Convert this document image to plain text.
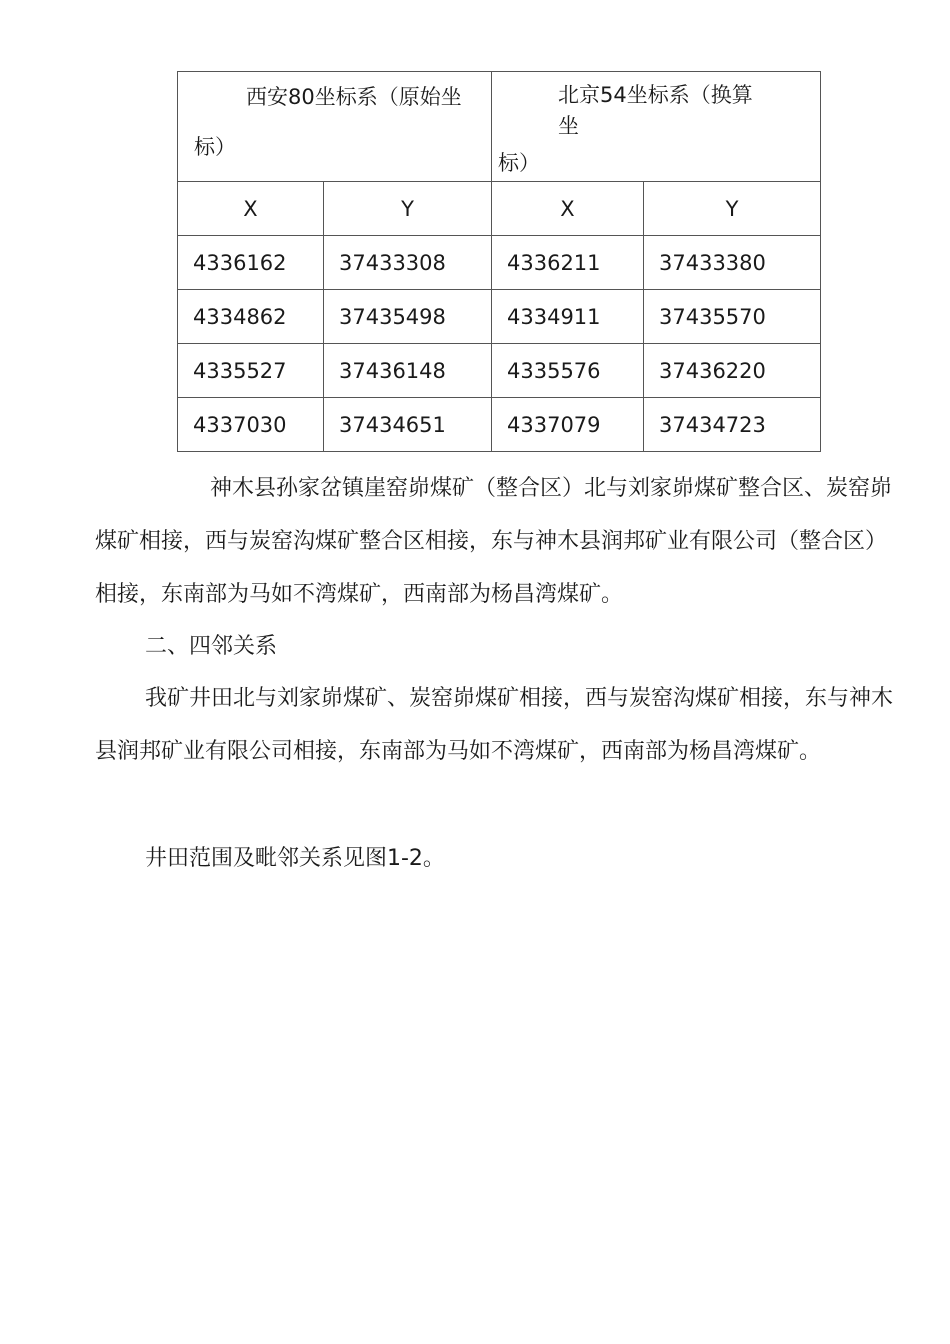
西安80坐标系（原始坐标）		北京54坐标系（换算
坐
标）	

X	Y	X	Y
4336162	37433308	4336211	37433380
4334862	37435498	4334911	37435570
4335527	37436148	4335576	37436220
4337030	37434651	4337079	37434723

神木县孙家岔镇崖窑峁煤矿（整合区）北与刘家峁煤矿整合区、炭窑峁煤矿相接，西与炭窑沟煤矿整合区相接，东与神木县润邦矿业有限公司（整合区）相接，东南部为马如不湾煤矿，西南部为杨昌湾煤矿。

二、四邻关系

我矿井田北与刘家峁煤矿、炭窑峁煤矿相接，西与炭窑沟煤矿相接，东与神木县润邦矿业有限公司相接，东南部为马如不湾煤矿，西南部为杨昌湾煤矿。

井田范围及毗邻关系见图1-2。
